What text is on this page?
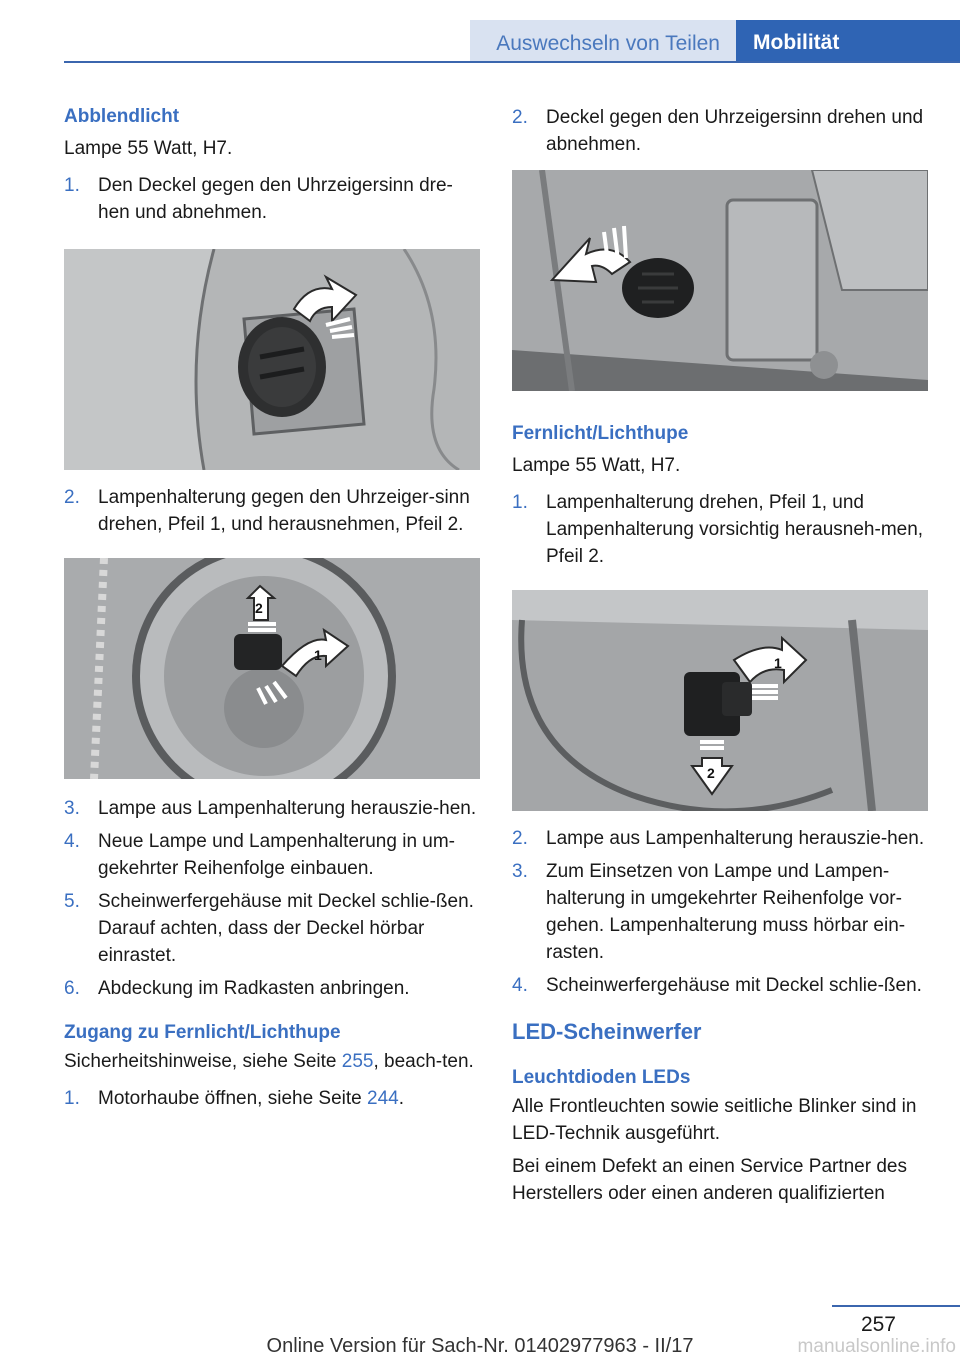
Auswechseln von Teilen	Mobilität
Abblendlicht
Lampe 55 Watt, H7.
1. Den Deckel gegen den Uhrzeigersinn dre-hen und abnehmen.
2. Lampenhalterung gegen den Uhrzeiger-sinn drehen, Pfeil 1, und herausnehmen, Pfeil 2.
2
1
3. Lampe aus Lampenhalterung herauszie-hen.
4. Neue Lampe und Lampenhalterung in um-gekehrter Reihenfolge einbauen.
5. Scheinwerfergehäuse mit Deckel schlie-ßen. Darauf achten, dass der Deckel hörbar einrastet.
6. Abdeckung im Radkasten anbringen.
Zugang zu Fernlicht/Lichthupe
Sicherheitshinweise, siehe Seite 255, beach-ten.
1. Motorhaube öffnen, siehe Seite 244.
2. Deckel gegen den Uhrzeigersinn drehen und abnehmen.
Fernlicht/Lichthupe
Lampe 55 Watt, H7.
1. Lampenhalterung drehen, Pfeil 1, und Lampenhalterung vorsichtig herausneh-men, Pfeil 2.
1
2
2. Lampe aus Lampenhalterung herauszie-hen.
3. Zum Einsetzen von Lampe und Lampen-halterung in umgekehrter Reihenfolge vor-gehen. Lampenhalterung muss hörbar ein-rasten.
4. Scheinwerfergehäuse mit Deckel schlie-ßen.
LED-Scheinwerfer
Leuchtdioden LEDs
Alle Frontleuchten sowie seitliche Blinker sind in LED-Technik ausgeführt.
Bei einem Defekt an einen Service Partner des Herstellers oder einen anderen qualifizierten
257
Online Version für Sach-Nr. 01402977963 - II/17	manualsonline.info
